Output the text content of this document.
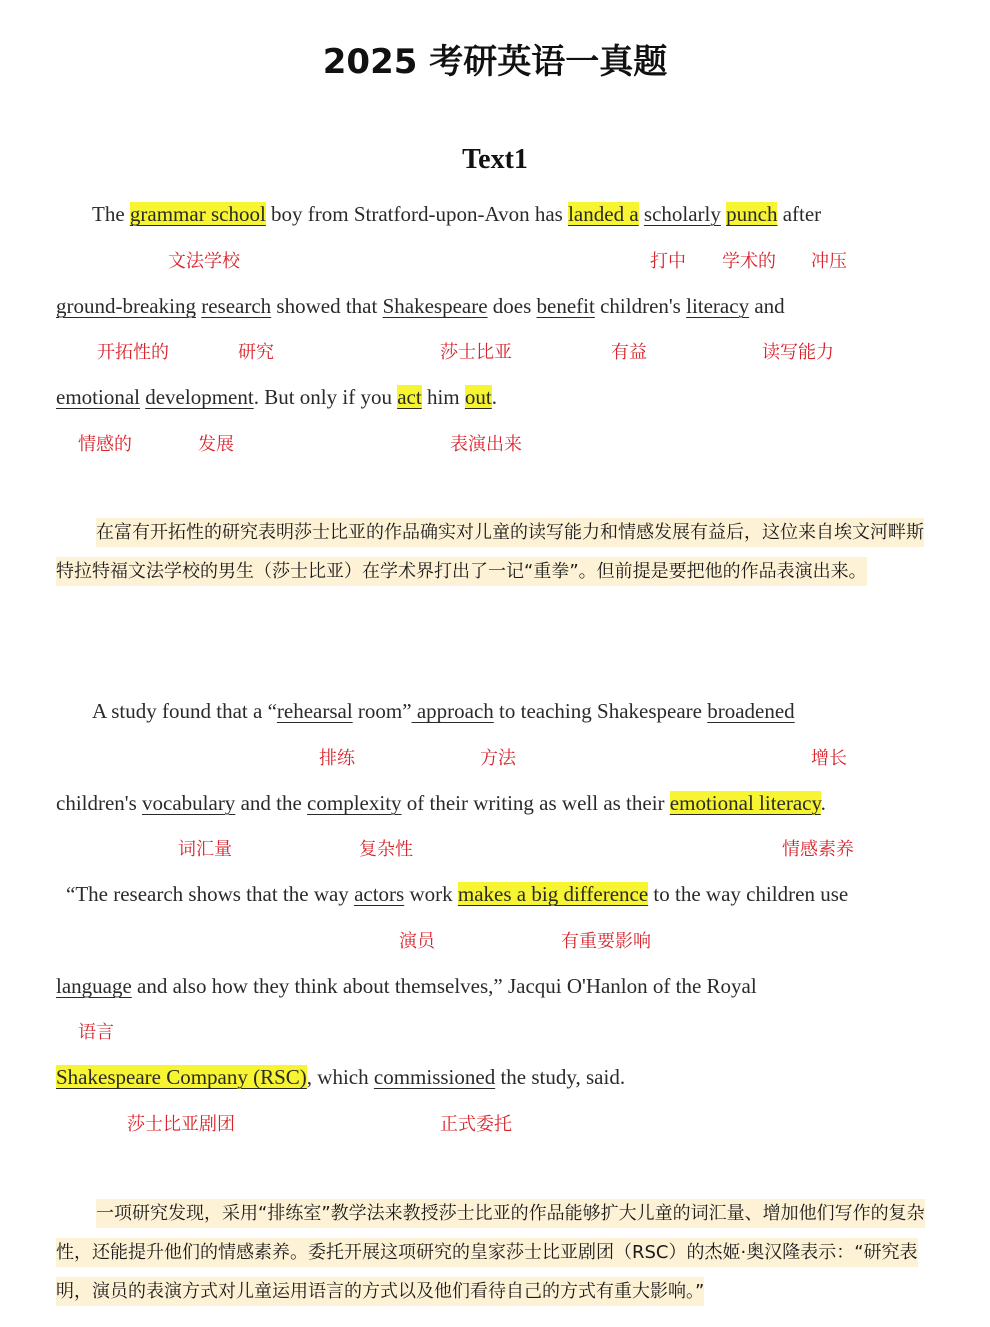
2025 考研英语一真题
Text1
The grammar school boy from Stratford-upon-Avon has landed a scholarly punch after
文法学校	打中 学术的 冲压
ground-breaking research showed that Shakespeare does benefit children's literacy and
开拓性的	研究	莎士比亚	有益	读写能力
emotional development. But only if you act him out.
情感的	发展	表演出来
在富有开拓性的研究表明莎士比亚的作品确实对儿童的读写能力和情感发展有益后，这位来自埃文河畔斯特拉特福文法学校的男生（莎士比亚）在学术界打出了一记“重拳”。但前提是要把他的作品表演出来。
A study found that a “rehearsal room” approach to teaching Shakespeare broadened
排练	方法	增长
children's vocabulary and the complexity of their writing as well as their emotional literacy.
词汇量	复杂性	情感素养
“The research shows that the way actors work makes a big difference to the way children use
演员	有重要影响
language and also how they think about themselves,” Jacqui O'Hanlon of the Royal
语言
Shakespeare Company (RSC), which commissioned the study, said.
莎士比亚剧团	正式委托
一项研究发现，采用“排练室”教学法来教授莎士比亚的作品能够扩大儿童的词汇量、增加他们写作的复杂性，还能提升他们的情感素养。委托开展这项研究的皇家莎士比亚剧团（RSC）的杰姬·奥汉隆表示：“研究表明，演员的表演方式对儿童运用语言的方式以及他们看待自己的方式有重大影响。”
